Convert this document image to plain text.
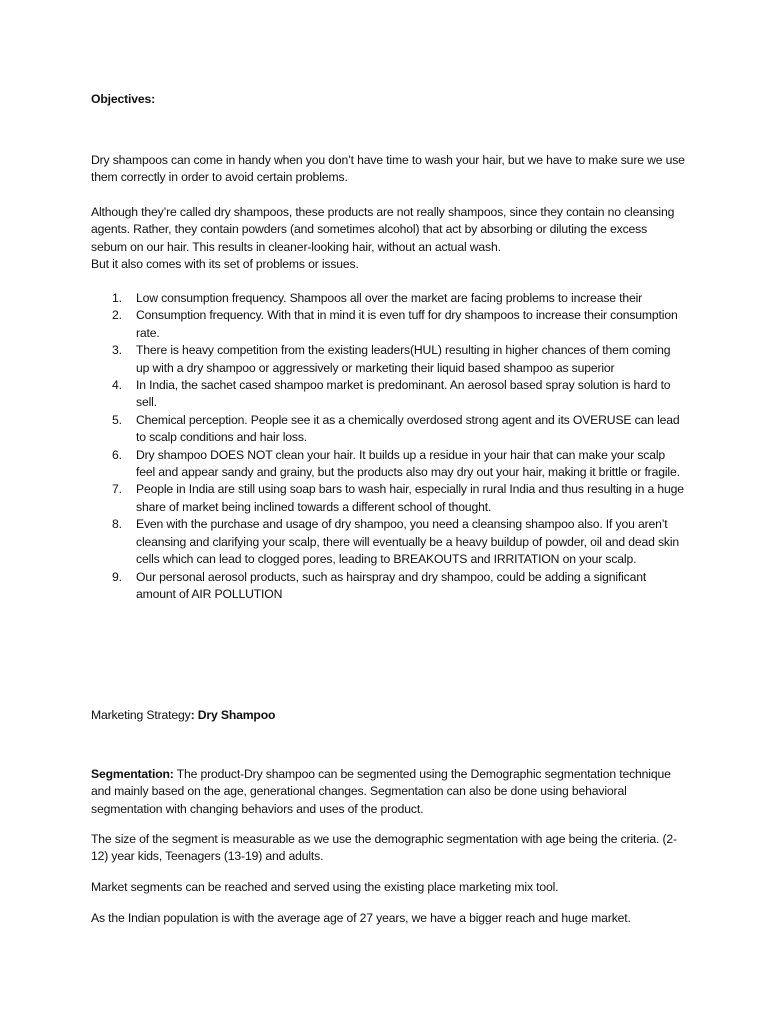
Objectives:

Dry shampoos can come in handy when you don’t have time to wash your hair, but we have to make sure we use them correctly in order to avoid certain problems.

Although they’re called dry shampoos, these products are not really shampoos, since they contain no cleansing agents. Rather, they contain powders (and sometimes alcohol) that act by absorbing or diluting the excess sebum on our hair. This results in cleaner-looking hair, without an actual wash.
But it also comes with its set of problems or issues.

1. Low consumption frequency. Shampoos all over the market are facing problems to increase their
2. Consumption frequency. With that in mind it is even tuff for dry shampoos to increase their consumption rate.
3. There is heavy competition from the existing leaders(HUL) resulting in higher chances of them coming up with a dry shampoo or aggressively or marketing their liquid based shampoo as superior
4. In India, the sachet cased shampoo market is predominant. An aerosol based spray solution is hard to sell.
5. Chemical perception. People see it as a chemically overdosed strong agent and its OVERUSE can lead to scalp conditions and hair loss.
6. Dry shampoo DOES NOT clean your hair. It builds up a residue in your hair that can make your scalp feel and appear sandy and grainy, but the products also may dry out your hair, making it brittle or fragile.
7. People in India are still using soap bars to wash hair, especially in rural India and thus resulting in a huge share of market being inclined towards a different school of thought.
8. Even with the purchase and usage of dry shampoo, you need a cleansing shampoo also. If you aren’t cleansing and clarifying your scalp, there will eventually be a heavy buildup of powder, oil and dead skin cells which can lead to clogged pores, leading to BREAKOUTS and IRRITATION on your scalp.
9. Our personal aerosol products, such as hairspray and dry shampoo, could be adding a significant amount of AIR POLLUTION
Marketing Strategy: Dry Shampoo

Segmentation: The product-Dry shampoo can be segmented using the Demographic segmentation technique and mainly based on the age, generational changes. Segmentation can also be done using behavioral segmentation with changing behaviors and uses of the product.

The size of the segment is measurable as we use the demographic segmentation with age being the criteria. (2-12) year kids, Teenagers (13-19) and adults.

Market segments can be reached and served using the existing place marketing mix tool.

As the Indian population is with the average age of 27 years, we have a bigger reach and huge market.
